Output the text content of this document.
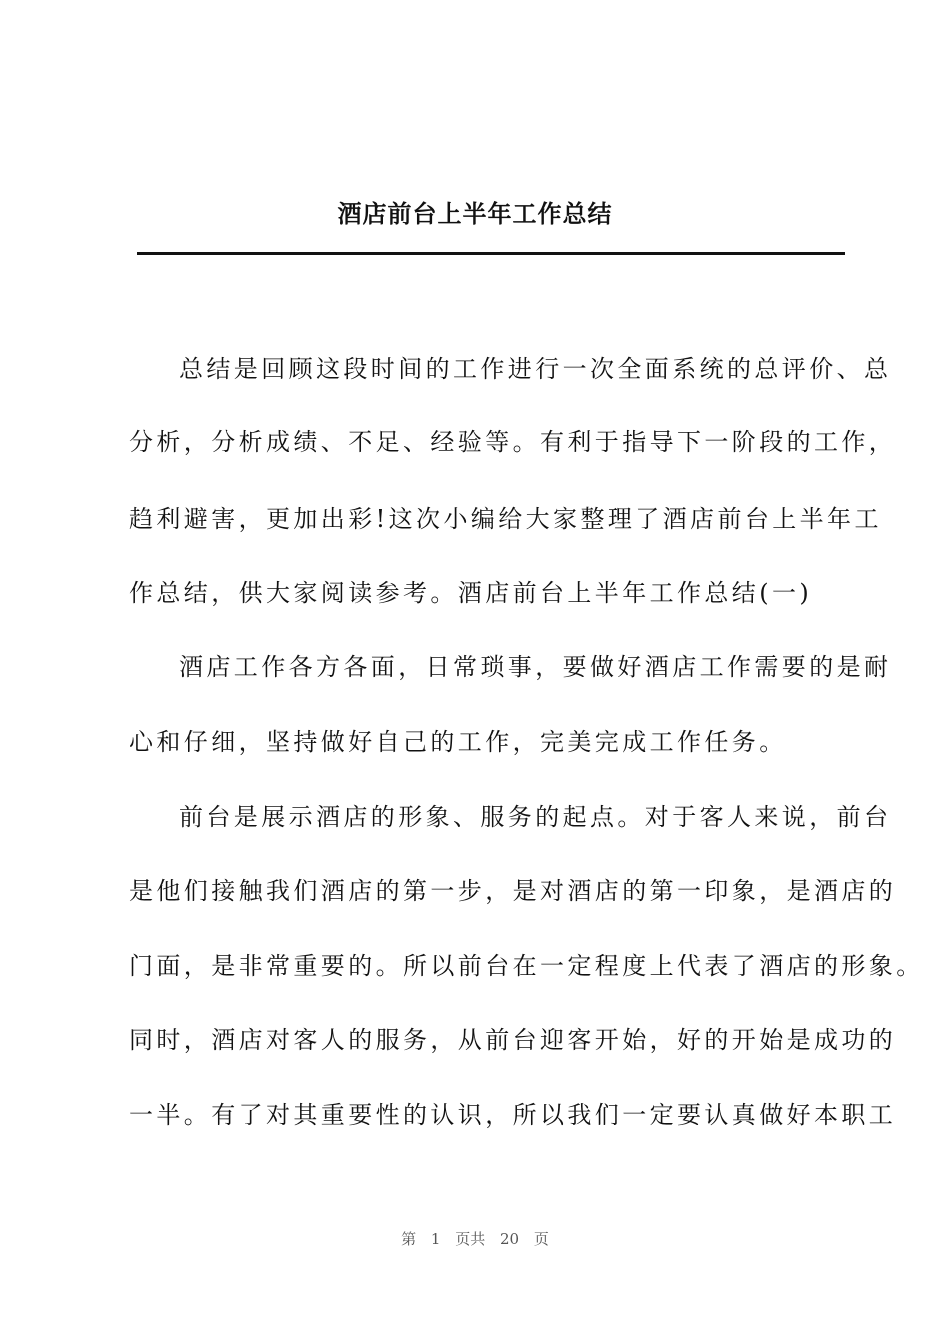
酒店前台上半年工作总结
总结是回顾这段时间的工作进行一次全面系统的总评价、总
分析，分析成绩、不足、经验等。有利于指导下一阶段的工作，
趋利避害，更加出彩!这次小编给大家整理了酒店前台上半年工
作总结，供大家阅读参考。酒店前台上半年工作总结(一)
酒店工作各方各面，日常琐事，要做好酒店工作需要的是耐
心和仔细，坚持做好自己的工作，完美完成工作任务。
前台是展示酒店的形象、服务的起点。对于客人来说，前台
是他们接触我们酒店的第一步，是对酒店的第一印象，是酒店的
门面，是非常重要的。所以前台在一定程度上代表了酒店的形象。
同时，酒店对客人的服务，从前台迎客开始，好的开始是成功的
一半。有了对其重要性的认识，所以我们一定要认真做好本职工
第 1 页共 20 页
